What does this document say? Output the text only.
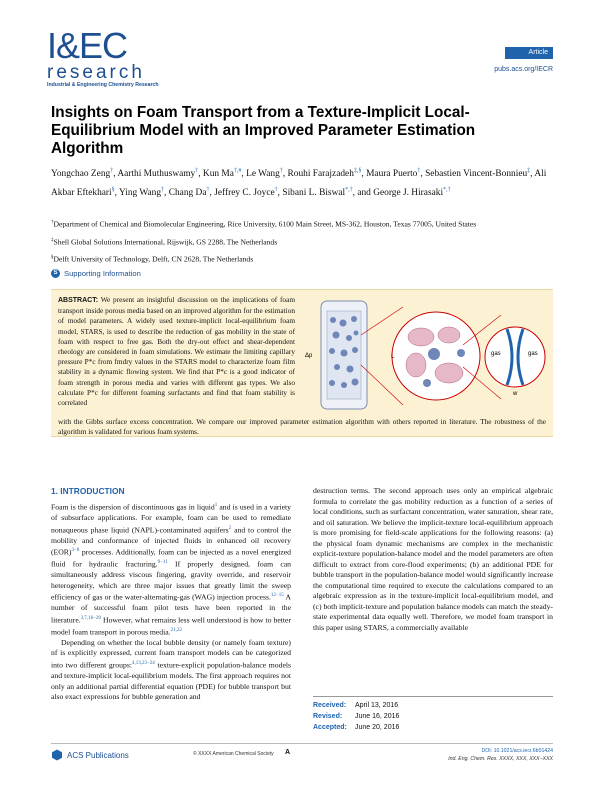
I&EC
research
Industrial & Engineering Chemistry Research
Article
pubs.acs.org/IECR
Insights on Foam Transport from a Texture-Implicit Local-Equilibrium Model with an Improved Parameter Estimation Algorithm
Yongchao Zeng†, Aarthi Muthuswamy†, Kun Ma†,#, Le Wang†, Rouhi Farajzadeh‡,§, Maura Puerto†, Sebastien Vincent-Bonnieu‡, Ali Akbar Eftekhari§, Ying Wang†, Chang Da†, Jeffrey C. Joyce†, Sibani L. Biswal*,†, and George J. Hirasaki*,†

†Department of Chemical and Biomolecular Engineering, Rice University, 6100 Main Street, MS-362, Houston, Texas 77005, United States

‡Shell Global Solutions International, Rijswijk, GS 2288, The Netherlands

§Delft University of Technology, Delft, CN 2628, The Netherlands

S Supporting Information
ABSTRACT: We present an insightful discussion on the implications of foam transport inside porous media based on an improved algorithm for the estimation of model parameters. A widely used texture-implicit local-equilibrium foam model, STARS, is used to describe the reduction of gas mobility in the state of foam with respect to free gas. Both the dry-out effect and shear-dependent rheology are considered in foam simulations. We estimate the limiting capillary pressure P*c from fmdry values in the STARS model to characterize foam film stability in a dynamic flowing system. We find that P*c is a good indicator of foam strength in porous media and varies with different gas types. We also calculate P*c for different foaming surfactants and find that foam stability is correlated
with the Gibbs surface excess concentration. We compare our improved parameter estimation algorithm with others reported in literature. The robustness of the algorithm is validated for various foam systems.
Δp	gas	gas
w
L
1. INTRODUCTION

Foam is the dispersion of discontinuous gas in liquid$^1$ and is used in a variety of subsurface applications. For example, foam can be used to remediate nonaqueous phase liquid (NAPL)-contaminated aquifers$^2$ and to control the mobility and conformance of injected fluids in enhanced oil recovery (EOR)$^{3-8}$ processes. Additionally, foam can be injected as a novel energized fluid for hydraulic fracturing.$^{9-11}$ If properly designed, foam can simultaneously address viscous fingering, gravity override, and reservoir heterogeneity, which are three major issues that greatly limit the sweep efficiency of gas or the water-alternating-gas (WAG) injection process.$^{12-15}$ A number of successful foam pilot tests have been reported in the literature.$^{3,7,16-20}$ However, what remains less well understood is how to better model foam transport in porous media.$^{21,22}$

Depending on whether the local bubble density (or namely foam texture) nf is explicitly expressed, current foam transport models can be categorized into two different groups:$^{4,13,23-24}$ texture-explicit population-balance models and texture-implicit local-equilibrium models. The first approach requires not only an additional partial differential equation (PDE) for bubble transport but also exact expressions for bubble generation and

destruction terms. The second approach uses only an empirical algebraic formula to correlate the gas mobility reduction as a function of a series of local conditions, such as surfactant concentration, water saturation, shear rate, and oil saturation. We believe the implicit-texture local-equilibrium approach is more promising for field-scale applications for the following reasons: (a) the physical foam dynamic mechanisms are complex in the mechanistic explicit-texture population-balance model and the model parameters are often difficult to extract from core-flood experiments; (b) an additional PDE for bubble transport in the population-balance model would significantly increase the computational time required to execute the calculations compared to an algebraic expression as in the texture-implicit local-equilibrium model, and (c) both implicit-texture and population balance models can match the steady-state experimental data equally well. Therefore, we model foam transport in this paper using STARS, a commercially available
Received: April 13, 2016
Revised: June 16, 2016
Accepted: June 20, 2016
ACS Publications	© XXXX American Chemical Society A	DOI: 10.1021/acs.iecr.6b01424
Ind. Eng. Chem. Res. XXXX, XXX, XXX−XXX
